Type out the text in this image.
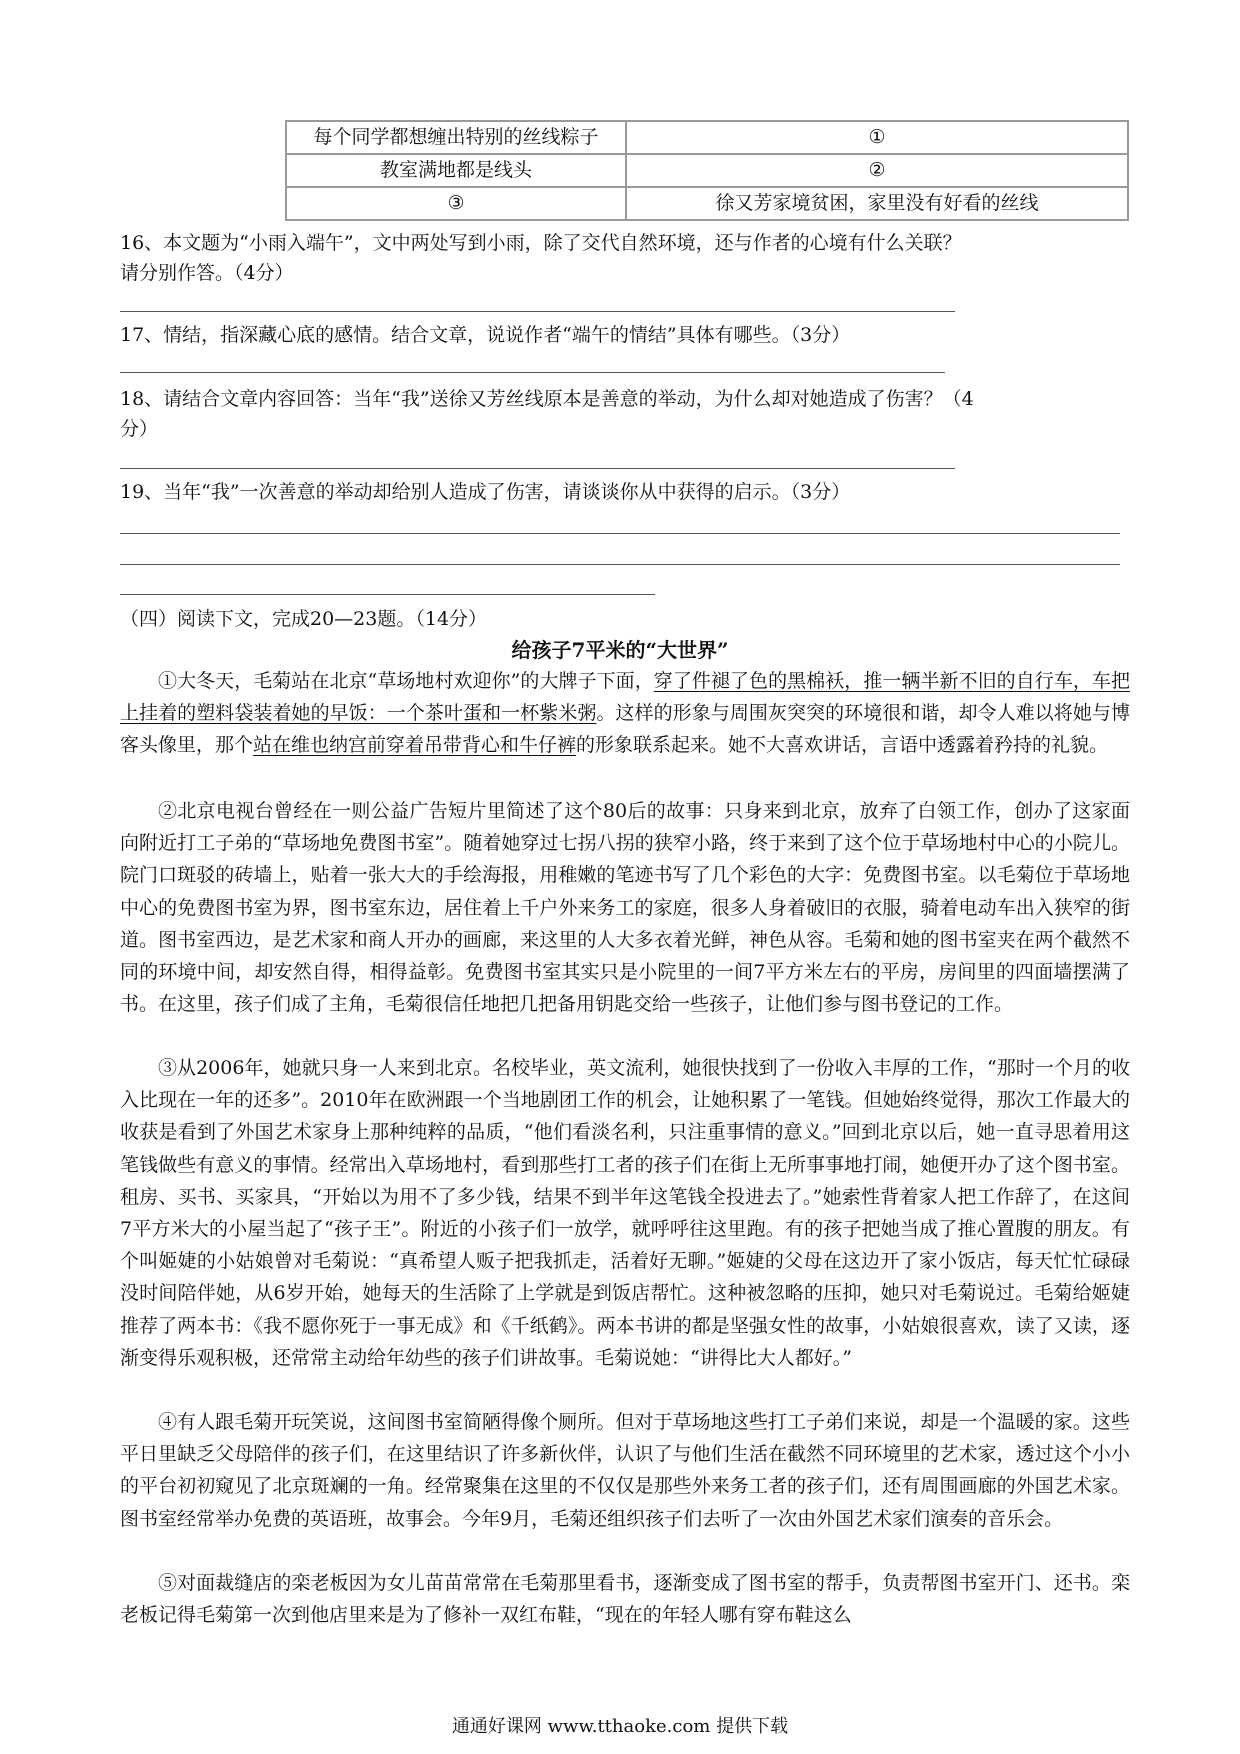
每个同学都想缠出特别的丝线粽子	①
教室满地都是线头	②
③	徐又芳家境贫困，家里没有好看的丝线
16、本文题为“小雨入端午”，文中两处写到小雨，除了交代自然环境，还与作者的心境有什么关联？
请分别作答。（4分）
17、情结，指深藏心底的感情。结合文章，说说作者“端午的情结”具体有哪些。（3分）
18、请结合文章内容回答：当年“我”送徐又芳丝线原本是善意的举动，为什么却对她造成了伤害？（4
分）
19、当年“我”一次善意的举动却给别人造成了伤害，请谈谈你从中获得的启示。（3分）
（四）阅读下文，完成20—23题。（14分）
给孩子7平米的“大世界”
①大冬天，毛菊站在北京“草场地村欢迎你”的大牌子下面，穿了件褪了色的黑棉袄，推一辆半新不旧的自行车，车把上挂着的塑料袋装着她的早饭：一个茶叶蛋和一杯紫米粥。这样的形象与周围灰突突的环境很和谐，却令人难以将她与博客头像里，那个站在维也纳宫前穿着吊带背心和牛仔裤的形象联系起来。她不大喜欢讲话，言语中透露着矜持的礼貌。
②北京电视台曾经在一则公益广告短片里简述了这个80后的故事：只身来到北京，放弃了白领工作，创办了这家面向附近打工子弟的“草场地免费图书室”。随着她穿过七拐八拐的狭窄小路，终于来到了这个位于草场地村中心的小院儿。院门口斑驳的砖墙上，贴着一张大大的手绘海报，用稚嫩的笔迹书写了几个彩色的大字：免费图书室。以毛菊位于草场地中心的免费图书室为界，图书室东边，居住着上千户外来务工的家庭，很多人身着破旧的衣服，骑着电动车出入狭窄的街道。图书室西边，是艺术家和商人开办的画廊，来这里的人大多衣着光鲜，神色从容。毛菊和她的图书室夹在两个截然不同的环境中间，却安然自得，相得益彰。免费图书室其实只是小院里的一间7平方米左右的平房，房间里的四面墙摆满了书。在这里，孩子们成了主角，毛菊很信任地把几把备用钥匙交给一些孩子，让他们参与图书登记的工作。
③从2006年，她就只身一人来到北京。名校毕业，英文流利，她很快找到了一份收入丰厚的工作，“那时一个月的收入比现在一年的还多”。2010年在欧洲跟一个当地剧团工作的机会，让她积累了一笔钱。但她始终觉得，那次工作最大的收获是看到了外国艺术家身上那种纯粹的品质，“他们看淡名利，只注重事情的意义。”回到北京以后，她一直寻思着用这笔钱做些有意义的事情。经常出入草场地村，看到那些打工者的孩子们在街上无所事事地打闹，她便开办了这个图书室。租房、买书、买家具，“开始以为用不了多少钱，结果不到半年这笔钱全投进去了。”她索性背着家人把工作辞了，在这间7平方米大的小屋当起了“孩子王”。附近的小孩子们一放学，就呼呼往这里跑。有的孩子把她当成了推心置腹的朋友。有个叫姬婕的小姑娘曾对毛菊说：“真希望人贩子把我抓走，活着好无聊。”姬婕的父母在这边开了家小饭店，每天忙忙碌碌没时间陪伴她，从6岁开始，她每天的生活除了上学就是到饭店帮忙。这种被忽略的压抑，她只对毛菊说过。毛菊给姬婕推荐了两本书：《我不愿你死于一事无成》和《千纸鹤》。两本书讲的都是坚强女性的故事，小姑娘很喜欢，读了又读，逐渐变得乐观积极，还常常主动给年幼些的孩子们讲故事。毛菊说她：“讲得比大人都好。”
④有人跟毛菊开玩笑说，这间图书室简陋得像个厕所。但对于草场地这些打工子弟们来说，却是一个温暖的家。这些平日里缺乏父母陪伴的孩子们，在这里结识了许多新伙伴，认识了与他们生活在截然不同环境里的艺术家，透过这个小小的平台初初窥见了北京斑斓的一角。经常聚集在这里的不仅仅是那些外来务工者的孩子们，还有周围画廊的外国艺术家。图书室经常举办免费的英语班，故事会。今年9月，毛菊还组织孩子们去听了一次由外国艺术家们演奏的音乐会。
⑤对面裁缝店的栾老板因为女儿苗苗常常在毛菊那里看书，逐渐变成了图书室的帮手，负责帮图书室开门、还书。栾老板记得毛菊第一次到他店里来是为了修补一双红布鞋，“现在的年轻人哪有穿布鞋这么
通通好课网 www.tthaoke.com 提供下载
